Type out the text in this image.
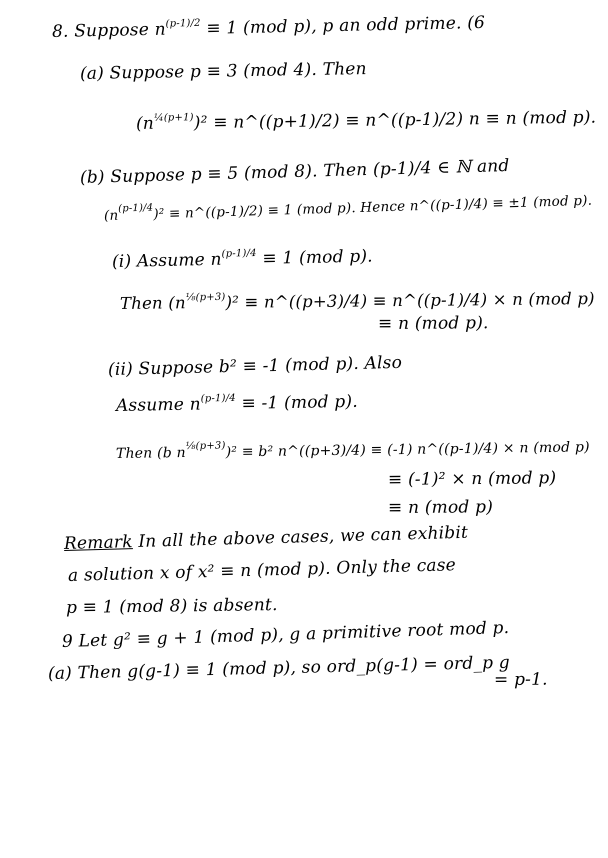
8. Suppose $n^{(p-1)/2} \equiv 1$ (mod p), p an odd prime. (6
(a) Suppose p ≡ 3 (mod 4). Then
$(n^{\frac{1}{4}(p+1)})^2$ ≡ n^((p+1)/2) ≡ n^((p-1)/2) n ≡ n (mod p).
(b) Suppose p ≡ 5 (mod 8). Then (p-1)/4 ∈ ℕ and
$(n^{(p-1)/4})^2$ ≡ n^((p-1)/2) ≡ 1 (mod p). Hence n^((p-1)/4) ≡ ±1 (mod p).
(i) Assume $n^{(p-1)/4} \equiv 1$ (mod p).
Then $(n^{\frac{1}{8}(p+3)})^2$ ≡ n^((p+3)/4) ≡ n^((p-1)/4) × n (mod p)
≡ n (mod p).
(ii) Suppose b² ≡ -1 (mod p). Also
Assume $n^{(p-1)/4} \equiv -1$ (mod p).
Then (b $n^{\frac{1}{8}(p+3)})^2 \equiv b^2$ n^((p+3)/4) ≡ (-1) n^((p-1)/4) × n (mod p)
≡ (-1)² × n (mod p)
≡ n (mod p)
Remark In all the above cases, we can exhibit
a solution x of x² ≡ n (mod p). Only the case
p ≡ 1 (mod 8) is absent.
9 Let g² ≡ g + 1 (mod p), g a primitive root mod p.
(a) Then g(g-1) ≡ 1 (mod p), so ord_p(g-1) = ord_p g
= p-1.
